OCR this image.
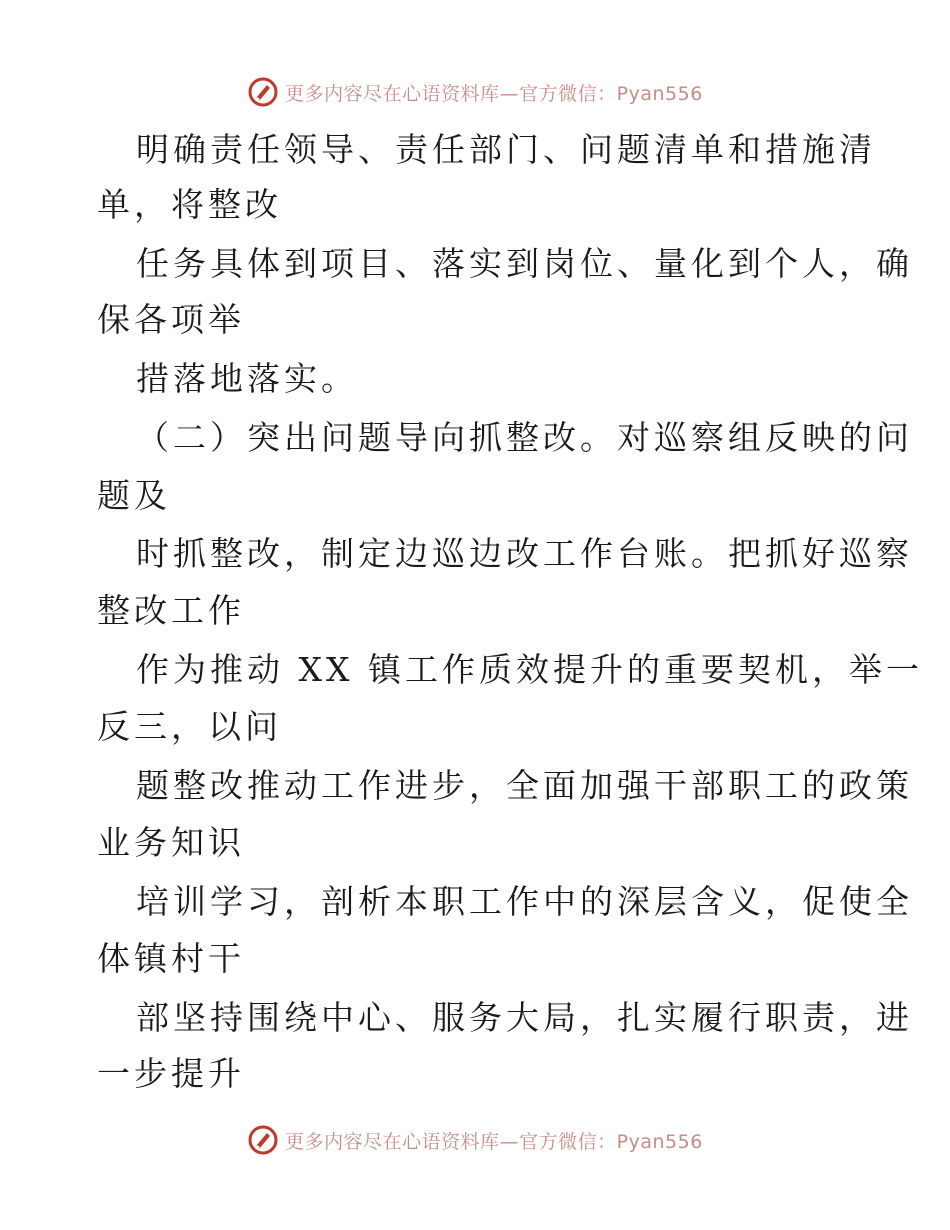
更多内容尽在心语资料库—官方微信：Pyan556
明确责任领导、责任部门、问题清单和措施清
单，将整改
任务具体到项目、落实到岗位、量化到个人，确
保各项举
措落地落实。
（二）突出问题导向抓整改。对巡察组反映的问
题及
时抓整改，制定边巡边改工作台账。把抓好巡察
整改工作
作为推动 XX 镇工作质效提升的重要契机，举一
反三，以问
题整改推动工作进步，全面加强干部职工的政策
业务知识
培训学习，剖析本职工作中的深层含义，促使全
体镇村干
部坚持围绕中心、服务大局，扎实履行职责，进
一步提升
更多内容尽在心语资料库—官方微信：Pyan556
